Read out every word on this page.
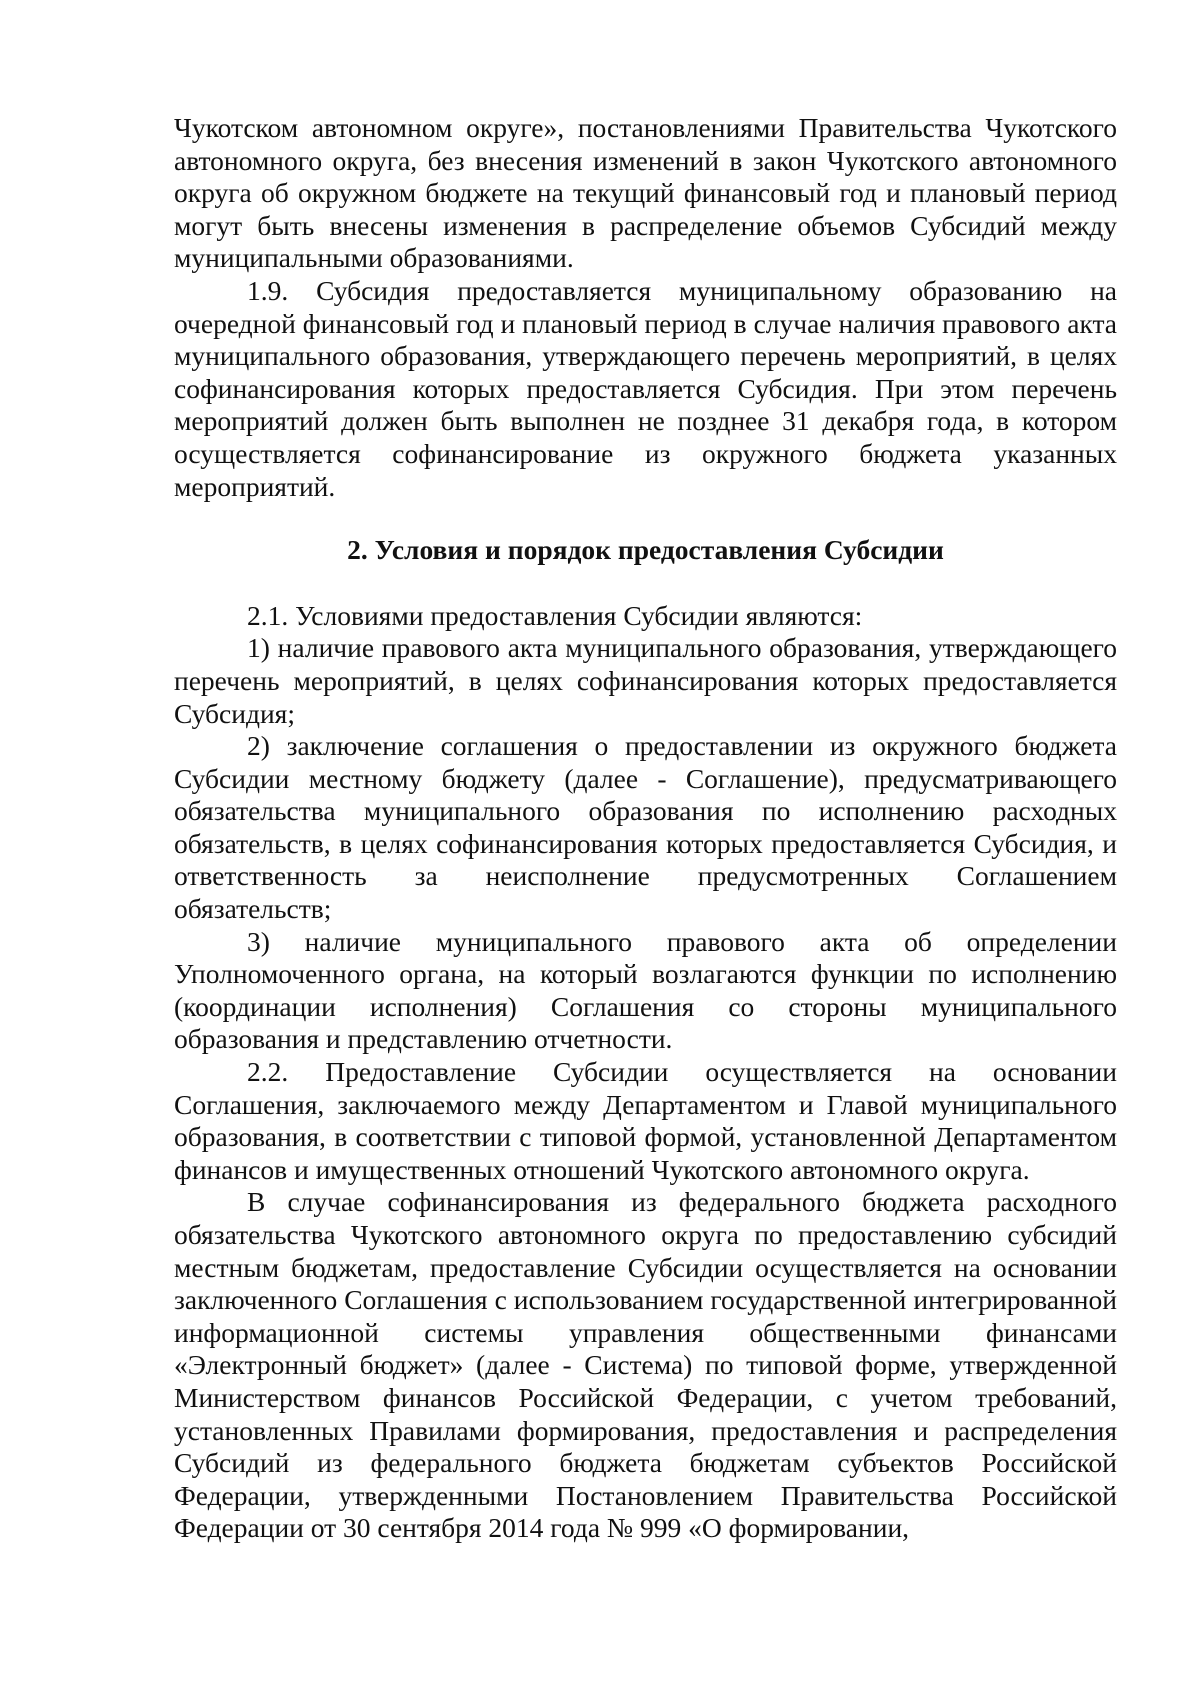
Чукотском автономном округе», постановлениями Правительства Чукотского автономного округа, без внесения изменений в закон Чукотского автономного округа об окружном бюджете на текущий финансовый год и плановый период могут быть внесены изменения в распределение объемов Субсидий между муниципальными образованиями.

1.9. Субсидия предоставляется муниципальному образованию на очередной финансовый год и плановый период в случае наличия правового акта муниципального образования, утверждающего перечень мероприятий, в целях софинансирования которых предоставляется Субсидия. При этом перечень мероприятий должен быть выполнен не позднее 31 декабря года, в котором осуществляется софинансирование из окружного бюджета указанных мероприятий.

2. Условия и порядок предоставления Субсидии

2.1. Условиями предоставления Субсидии являются:

1) наличие правового акта муниципального образования, утверждающего перечень мероприятий, в целях софинансирования которых предоставляется Субсидия;

2) заключение соглашения о предоставлении из окружного бюджета Субсидии местному бюджету (далее - Соглашение), предусматривающего обязательства муниципального образования по исполнению расходных обязательств, в целях софинансирования которых предоставляется Субсидия, и ответственность за неисполнение предусмотренных Соглашением обязательств;

3) наличие муниципального правового акта об определении Уполномоченного органа, на который возлагаются функции по исполнению (координации исполнения) Соглашения со стороны муниципального образования и представлению отчетности.

2.2. Предоставление Субсидии осуществляется на основании Соглашения, заключаемого между Департаментом и Главой муниципального образования, в соответствии с типовой формой, установленной Департаментом финансов и имущественных отношений Чукотского автономного округа.

В случае софинансирования из федерального бюджета расходного обязательства Чукотского автономного округа по предоставлению субсидий местным бюджетам, предоставление Субсидии осуществляется на основании заключенного Соглашения с использованием государственной интегрированной информационной системы управления общественными финансами «Электронный бюджет» (далее - Система) по типовой форме, утвержденной Министерством финансов Российской Федерации, с учетом требований, установленных Правилами формирования, предоставления и распределения Субсидий из федерального бюджета бюджетам субъектов Российской Федерации, утвержденными Постановлением Правительства Российской Федерации от 30 сентября 2014 года № 999 «О формировании,
